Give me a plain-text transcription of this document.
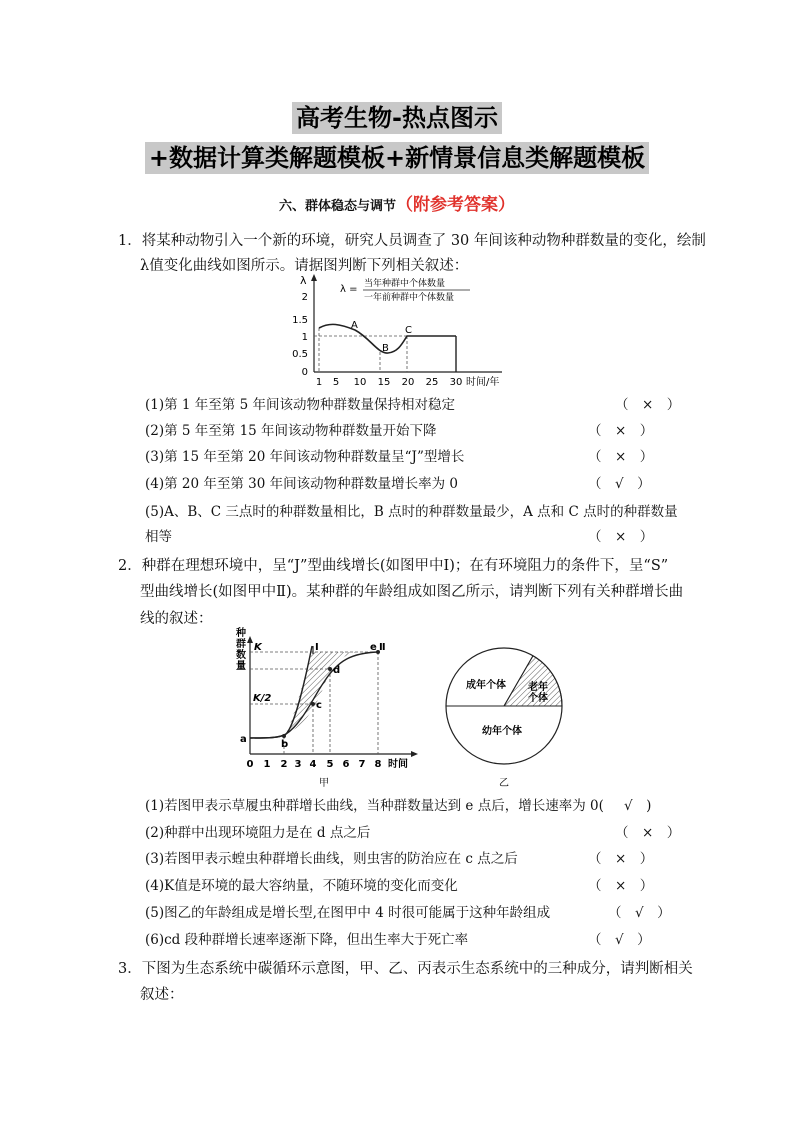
高考生物-热点图示
+数据计算类解题模板+新情景信息类解题模板
六、群体稳态与调节（附参考答案）
1．将某种动物引入一个新的环境，研究人员调查了 30 年间该种动物种群数量的变化，绘制
λ值变化曲线如图所示。请据图判断下列相关叙述：
λ
λ = 当年种群中个体数量
一年前种群中个体数量
2
1.5
1
0.5
0
A
B
C
1 5 10 15 20 25 30 时间/年
(1)第 1 年至第 5 年间该动物种群数量保持相对稳定	（　×　）
(2)第 5 年至第 15 年间该动物种群数量开始下降	（　×　）
(3)第 15 年至第 20 年间该动物种群数量呈“J”型增长	（　×　）
(4)第 20 年至第 30 年间该动物种群数量增长率为 0	（　√　）
(5)A、B、C 三点时的种群数量相比，B 点时的种群数量最少，A 点和 C 点时的种群数量
相等	（　×　）
2．种群在理想环境中，呈“J”型曲线增长(如图甲中Ⅰ)；在有环境阻力的条件下，呈“S”
型曲线增长(如图甲中Ⅱ)。某种群的年龄组成如图乙所示，请判断下列有关种群增长曲
线的叙述：
种
群
数
量
K
K/2
a	b
c
d
e
Ⅰ	Ⅱ
0 1 2 3 4 5 6 7 8 时间
甲
成年个体 老年
个体
幼年个体
乙
(1)若图甲表示草履虫种群增长曲线，当种群数量达到 e 点后，增长速率为 0( √　)
(2)种群中出现环境阻力是在 d 点之后	（　×　）
(3)若图甲表示蝗虫种群增长曲线，则虫害的防治应在 c 点之后	（　×　）
(4)K值是环境的最大容纳量，不随环境的变化而变化	（　×　）
(5)图乙的年龄组成是增长型,在图甲中 4 时很可能属于这种年龄组成	（　√　）
(6)cd 段种群增长速率逐渐下降，但出生率大于死亡率	（　√　）
3．下图为生态系统中碳循环示意图，甲、乙、丙表示生态系统中的三种成分，请判断相关
叙述：
